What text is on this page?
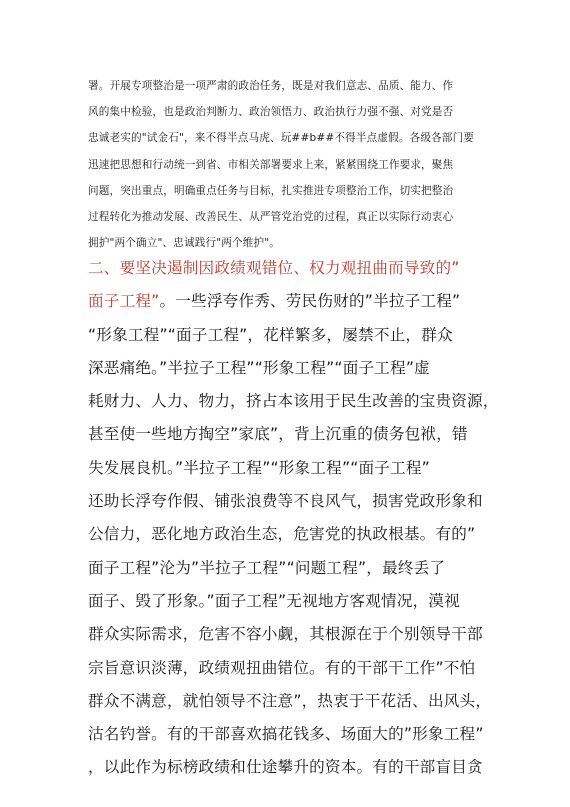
署。开展专项整治是一项严肃的政治任务，既是对我们意志、品质、能力、作
风的集中检验，也是政治判断力、政治领悟力、政治执行力强不强、对党是否
忠诚老实的"试金石"，来不得半点马虎、玩##b##不得半点虚假。各级各部门要
迅速把思想和行动统一到省、市相关部署要求上来，紧紧围绕工作要求，聚焦
问题，突出重点，明确重点任务与目标，扎实推进专项整治工作，切实把整治
过程转化为推动发展、改善民生、从严管党治党的过程，真正以实际行动衷心
拥护"两个确立"、忠诚践行"两个维护"。
二、要坚决遏制因政绩观错位、权力观扭曲而导致的”
面子工程”。一些浮夸作秀、劳民伤财的”半拉子工程”
“形象工程”“面子工程”，花样繁多，屡禁不止，群众
深恶痛绝。”半拉子工程”“形象工程”“面子工程”虚
耗财力、人力、物力，挤占本该用于民生改善的宝贵资源，
甚至使一些地方掏空”家底”，背上沉重的债务包袱，错
失发展良机。”半拉子工程”“形象工程”“面子工程”
还助长浮夸作假、铺张浪费等不良风气，损害党政形象和
公信力，恶化地方政治生态，危害党的执政根基。有的”
面子工程”沦为”半拉子工程”“问题工程”，最终丢了
面子、毁了形象。”面子工程”无视地方客观情况，漠视
群众实际需求，危害不容小觑，其根源在于个别领导干部
宗旨意识淡薄，政绩观扭曲错位。有的干部干工作”不怕
群众不满意，就怕领导不注意”，热衷于干花活、出风头，
沽名钓誉。有的干部喜欢搞花钱多、场面大的”形象工程”
，以此作为标榜政绩和仕途攀升的资本。有的干部盲目贪
